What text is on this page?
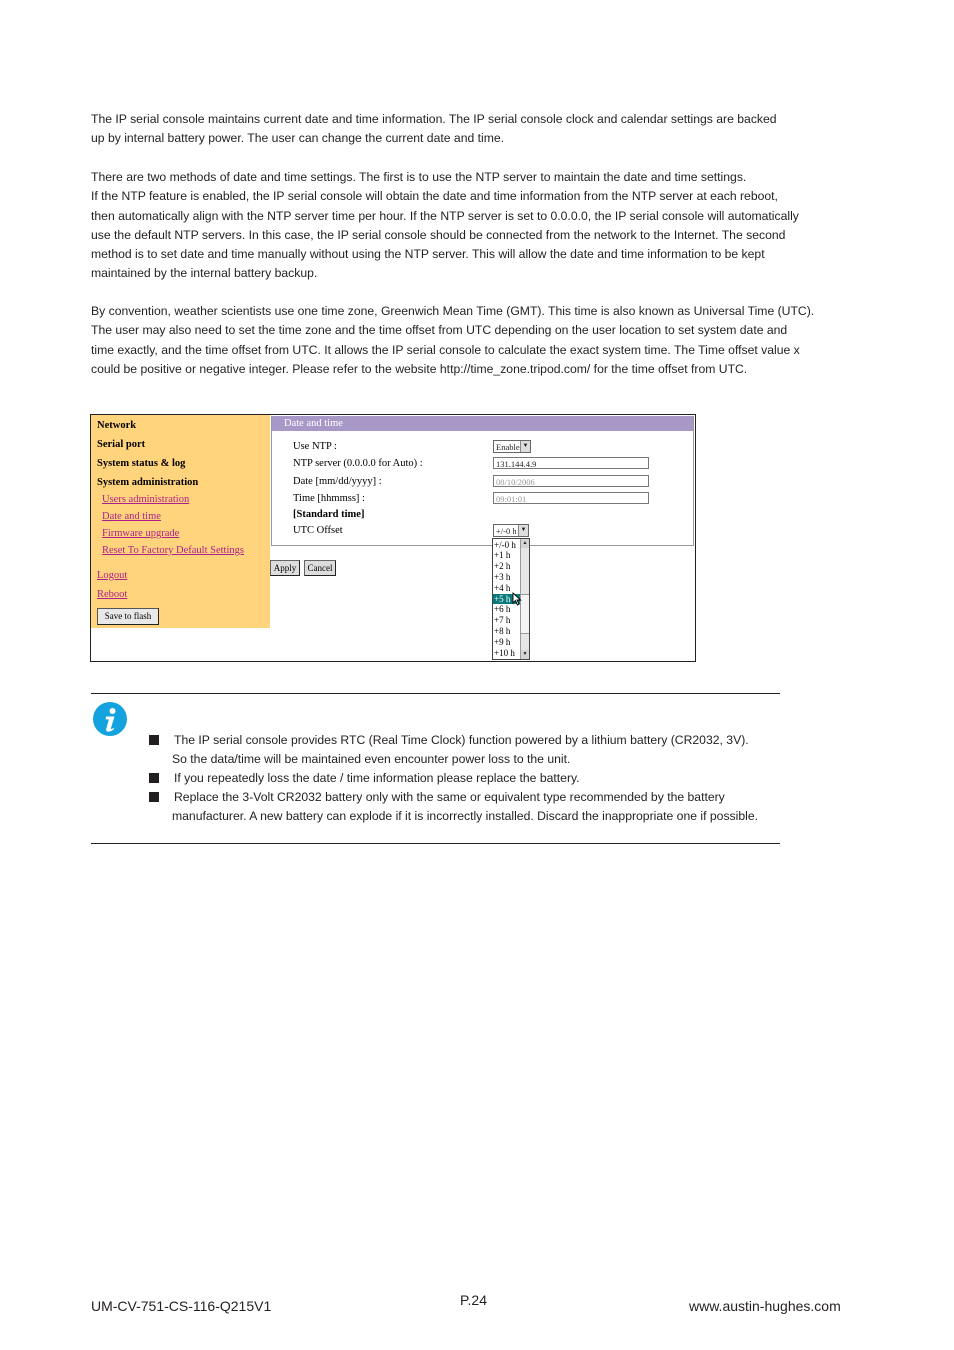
The IP serial console maintains current date and time information. The IP serial console clock and calendar settings are backed
up by internal battery power. The user can change the current date and time.

There are two methods of date and time settings. The first is to use the NTP server to maintain the date and time settings.
If the NTP feature is enabled, the IP serial console will obtain the date and time information from the NTP server at each reboot,
then automatically align with the NTP server time per hour. If the NTP server is set to 0.0.0.0, the IP serial console will automatically
use the default NTP servers. In this case, the IP serial console should be connected from the network to the Internet. The second
method is to set date and time manually without using the NTP server. This will allow the date and time information to be kept
maintained by the internal battery backup.

By convention, weather scientists use one time zone, Greenwich Mean Time (GMT). This time is also known as Universal Time (UTC).
The user may also need to set the time zone and the time offset from UTC depending on the user location to set system date and
time exactly, and the time offset from UTC. It allows the IP serial console to calculate the exact system time. The Time offset value x
could be positive or negative integer. Please refer to the website http://time_zone.tripod.com/ for the time offset from UTC.

Network
Serial port
System status & log
System administration
Users administration
Date and time
Firmware upgrade
Reset To Factory Default Settings
Logout
Reboot
Save to flash
Date and time
Use NTP :	Enable ▼
NTP server (0.0.0.0 for Auto) :	131.144.4.9
Date [mm/dd/yyyy] :	08/10/2006
Time [hhmmss] :	09:01:01
[Standard time]
UTC Offset	+/-0 h ▼
Apply	Cancel
+/-0 h
+1 h
+2 h
+3 h
+4 h
+5 h
+6 h
+7 h
+8 h
+9 h
+10 h
▲
▼
The IP serial console provides RTC (Real Time Clock) function powered by a lithium battery (CR2032, 3V).
So the data/time will be maintained even encounter power loss to the unit.
If you repeatedly loss the date / time information please replace the battery.
Replace the 3-Volt CR2032 battery only with the same or equivalent type recommended by the battery
manufacturer. A new battery can explode if it is incorrectly installed. Discard the inappropriate one if possible.
UM-CV-751-CS-116-Q215V1	P.24	www.austin-hughes.com
